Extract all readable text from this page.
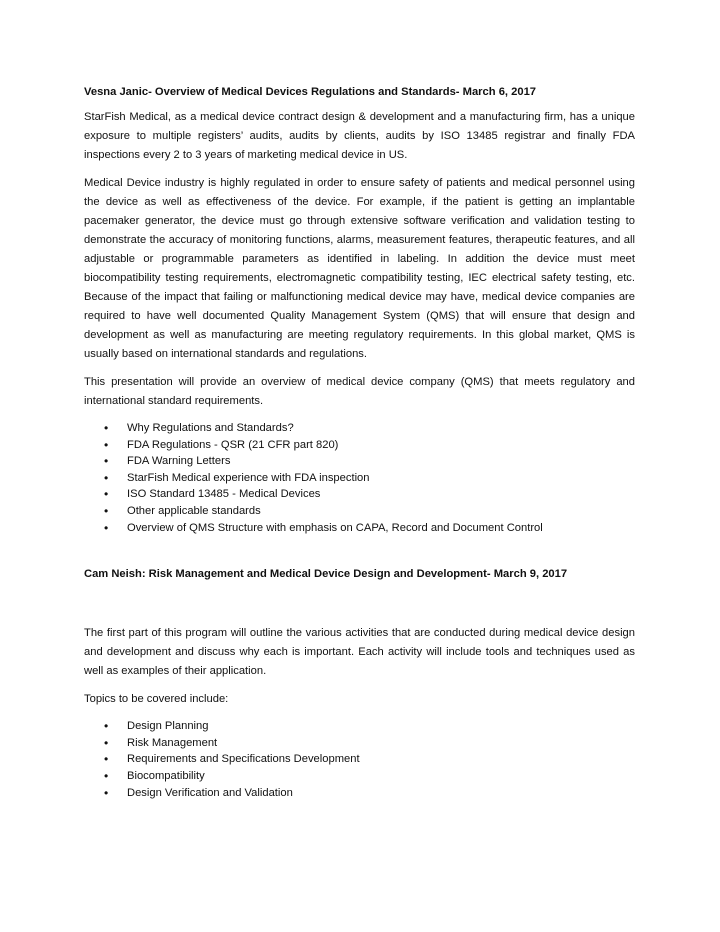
Vesna Janic- Overview of Medical Devices Regulations and Standards- March 6, 2017

StarFish Medical, as a medical device contract design & development and a manufacturing firm, has a unique exposure to multiple registers’ audits, audits by clients, audits by ISO 13485 registrar and finally FDA inspections every 2 to 3 years of marketing medical device in US.

Medical Device industry is highly regulated in order to ensure safety of patients and medical personnel using the device as well as effectiveness of the device. For example, if the patient is getting an implantable pacemaker generator, the device must go through extensive software verification and validation testing to demonstrate the accuracy of monitoring functions, alarms, measurement features, therapeutic features, and all adjustable or programmable parameters as identified in labeling. In addition the device must meet biocompatibility testing requirements, electromagnetic compatibility testing, IEC electrical safety testing, etc. Because of the impact that failing or malfunctioning medical device may have, medical device companies are required to have well documented Quality Management System (QMS) that will ensure that design and development as well as manufacturing are meeting regulatory requirements. In this global market, QMS is usually based on international standards and regulations.

This presentation will provide an overview of medical device company (QMS) that meets regulatory and international standard requirements.

• Why Regulations and Standards?
• FDA Regulations - QSR (21 CFR part 820)
• FDA Warning Letters
• StarFish Medical experience with FDA inspection
• ISO Standard 13485 - Medical Devices
• Other applicable standards
• Overview of QMS Structure with emphasis on CAPA, Record and Document Control
Cam Neish: Risk Management and Medical Device Design and Development- March 9, 2017

The first part of this program will outline the various activities that are conducted during medical device design and development and discuss why each is important. Each activity will include tools and techniques used as well as examples of their application.

Topics to be covered include:

• Design Planning
• Risk Management
• Requirements and Specifications Development
• Biocompatibility
• Design Verification and Validation
